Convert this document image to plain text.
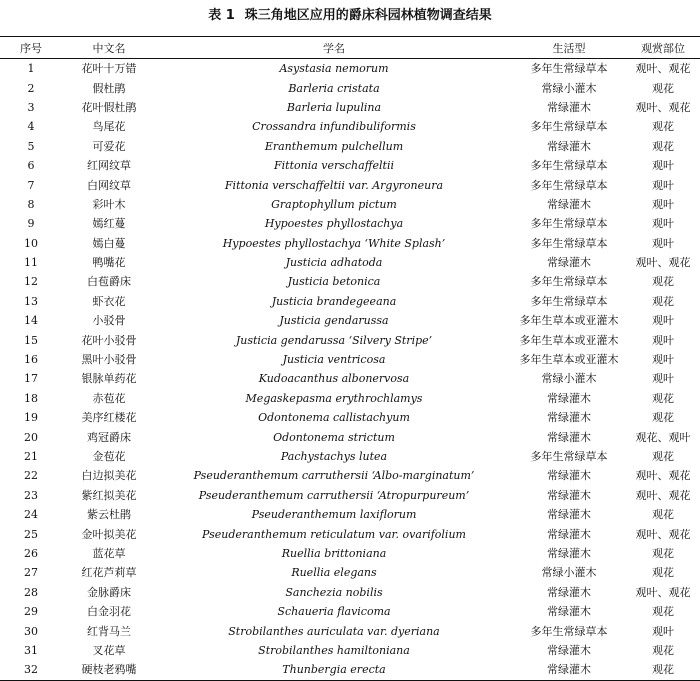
表 1 珠三角地区应用的爵床科园林植物调查结果
序号	中文名	学名	生活型	观赏部位
1	花叶十万错	Asystasia nemorum	多年生常绿草本	观叶、观花
2	假杜鹃	Barleria cristata	常绿小灌木	观花
3	花叶假杜鹃	Barleria lupulina	常绿灌木	观叶、观花
4	鸟尾花	Crossandra infundibuliformis	多年生常绿草本	观花
5	可爱花	Eranthemum pulchellum	常绿灌木	观花
6	红网纹草	Fittonia verschaffeltii	多年生常绿草本	观叶
7	白网纹草	Fittonia verschaffeltii var. Argyroneura	多年生常绿草本	观叶
8	彩叶木	Graptophyllum pictum	常绿灌木	观叶
9	嫣红蔓	Hypoestes phyllostachya	多年生常绿草本	观叶
10	嫣白蔓	Hypoestes phyllostachya ‘White Splash’	多年生常绿草本	观叶
11	鸭嘴花	Justicia adhatoda	常绿灌木	观叶、观花
12	白苞爵床	Justicia betonica	多年生常绿草本	观花
13	虾衣花	Justicia brandegeeana	多年生常绿草本	观花
14	小驳骨	Justicia gendarussa	多年生草本或亚灌木	观叶
15	花叶小驳骨	Justicia gendarussa ‘Silvery Stripe’	多年生草本或亚灌木	观叶
16	黑叶小驳骨	Justicia ventricosa	多年生草本或亚灌木	观叶
17	银脉单药花	Kudoacanthus albonervosa	常绿小灌木	观叶
18	赤苞花	Megaskepasma erythrochlamys	常绿灌木	观花
19	美序红楼花	Odontonema callistachyum	常绿灌木	观花
20	鸡冠爵床	Odontonema strictum	常绿灌木	观花、观叶
21	金苞花	Pachystachys lutea	多年生常绿草本	观花
22	白边拟美花	Pseuderanthemum carruthersii ‘Albo-marginatum’	常绿灌木	观叶、观花
23	紫红拟美花	Pseuderanthemum carruthersii ‘Atropurpureum’	常绿灌木	观叶、观花
24	紫云杜鹃	Pseuderanthemum laxiflorum	常绿灌木	观花
25	金叶拟美花	Pseuderanthemum reticulatum var. ovarifolium	常绿灌木	观叶、观花
26	蓝花草	Ruellia brittoniana	常绿灌木	观花
27	红花芦莉草	Ruellia elegans	常绿小灌木	观花
28	金脉爵床	Sanchezia nobilis	常绿灌木	观叶、观花
29	白金羽花	Schaueria flavicoma	常绿灌木	观花
30	红背马兰	Strobilanthes auriculata var. dyeriana	多年生常绿草本	观叶
31	叉花草	Strobilanthes hamiltoniana	常绿灌木	观花
32	硬枝老鸦嘴	Thunbergia erecta	常绿灌木	观花
